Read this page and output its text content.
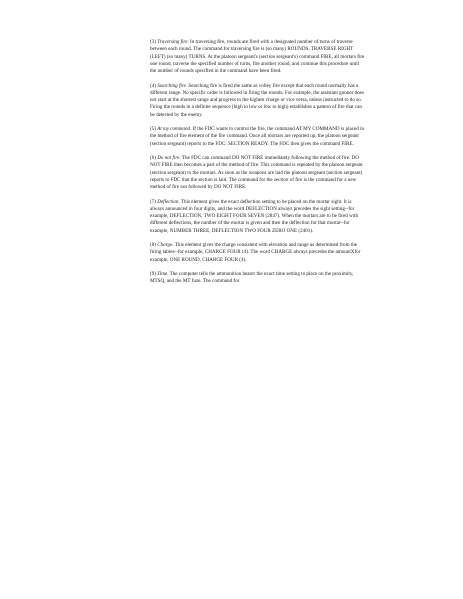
(3) Traversing fire. In traversing fire, rounds are fired with a designated number of turns of traverse between each round. The command for traversing fire is (so many) ROUNDS, TRAVERSE RIGHT (LEFT) (so many) TURNS. At the platoon sergeant's (section sergeant's) command FIRE, all mortars fire one round, traverse the specified number of turns, fire another round, and continue this procedure until the number of rounds specified in the command have been fired.

(4) Searching fire. Searching fire is fired the same as volley fire except that each round normally has a different range. No specific order is followed in firing the rounds. For example, the assistant gunner does not start at the shortest range and progress to the highest charge or vice versa, unless instructed to do so. Firing the rounds in a definite sequence (high to low or low to high) establishes a pattern of fire that can be detected by the enemy.

(5) At my command. If the FDC wants to control the fire, the command AT MY COMMAND is placed in the method of fire element of the fire command. Once all mortars are reported up, the platoon sergeant (section sergeant) reports to the FDC: SECTION READY. The FDC then gives the command FIRE.

(6) Do not fire. The FDC can command DO NOT FIRE immediately following the method of fire. DO NOT FIRE then becomes a part of the method of fire. This command is repeated by the platoon sergeant (section sergeant) to the mortars. As soon as the weapons are laid the platoon sergeant (section sergeant) reports to FDC that the section is laid. The command for the section of fire is the command for a new method of fire not followed by DO NOT FIRE.

(7) Deflection. This element gives the exact deflection setting to be placed on the mortar sight. It is always announced in four digits, and the word DEFLECTION always precedes the sight setting--for example, DEFLECTION, TWO EIGHT FOUR SEVEN (2847). When the mortars are to be fired with different deflections, the number of the mortar is given and then the deflection for that mortar--for example, NUMBER THREE, DEFLECTION TWO FOUR ZERO ONE (2401).

(8) Charge. This element gives the charge consistent with elevation and range as determined from the firing tables--for example, CHARGE FOUR (4). The word CHARGE always precedes the amountXfor example, ONE ROUND, CHARGE FOUR (4).

(9) Time. The computer tells the ammunition bearer the exact time setting to place on the proximity, MTSQ, and the MT fuze. The command for
